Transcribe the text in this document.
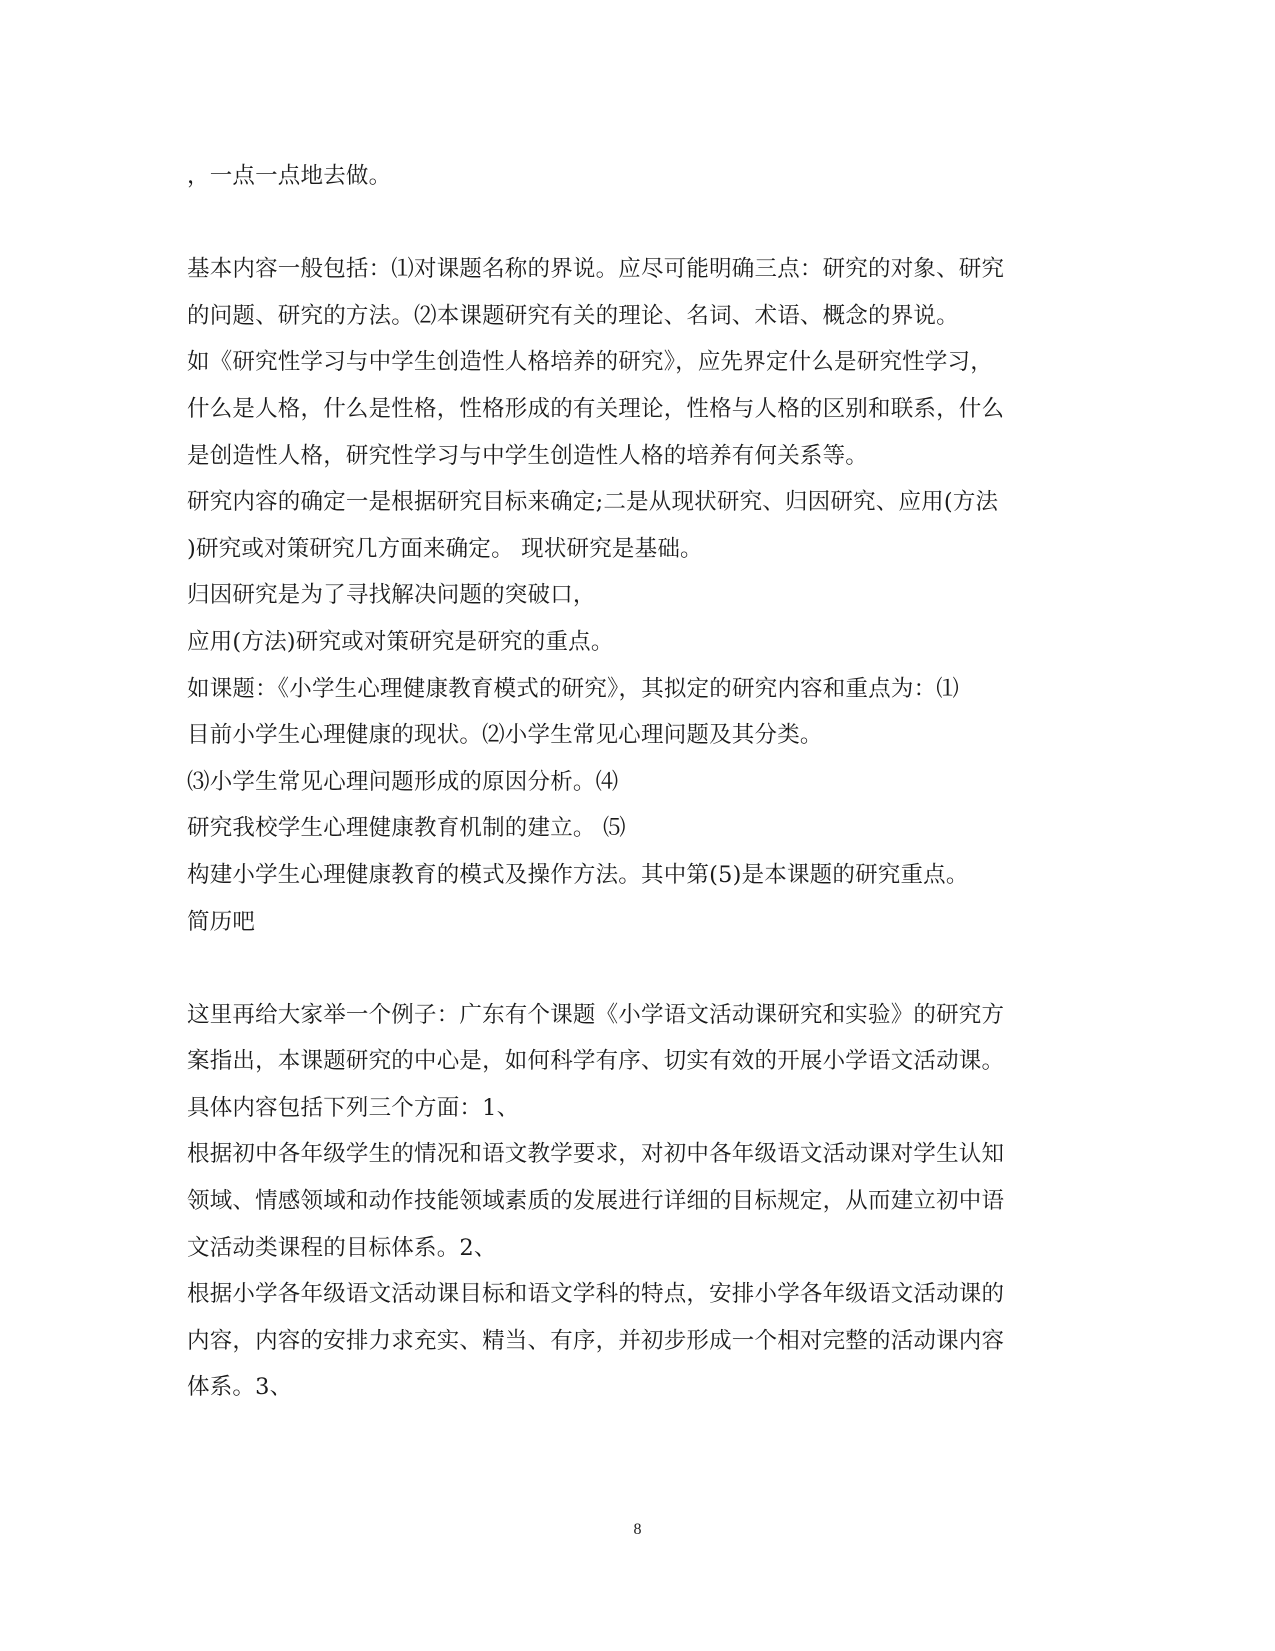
，一点一点地去做。
基本内容一般包括：⑴对课题名称的界说。应尽可能明确三点：研究的对象、研究
的问题、研究的方法。⑵本课题研究有关的理论、名词、术语、概念的界说。
如《研究性学习与中学生创造性人格培养的研究》，应先界定什么是研究性学习，
什么是人格，什么是性格，性格形成的有关理论，性格与人格的区别和联系，什么
是创造性人格，研究性学习与中学生创造性人格的培养有何关系等。
研究内容的确定一是根据研究目标来确定;二是从现状研究、归因研究、应用(方法
)研究或对策研究几方面来确定。 现状研究是基础。
归因研究是为了寻找解决问题的突破口，
应用(方法)研究或对策研究是研究的重点。
如课题：《小学生心理健康教育模式的研究》，其拟定的研究内容和重点为：⑴
目前小学生心理健康的现状。⑵小学生常见心理问题及其分类。
⑶小学生常见心理问题形成的原因分析。⑷
研究我校学生心理健康教育机制的建立。 ⑸
构建小学生心理健康教育的模式及操作方法。其中第(5)是本课题的研究重点。
简历吧
这里再给大家举一个例子：广东有个课题《小学语文活动课研究和实验》的研究方
案指出，本课题研究的中心是，如何科学有序、切实有效的开展小学语文活动课。
具体内容包括下列三个方面：1、
根据初中各年级学生的情况和语文教学要求，对初中各年级语文活动课对学生认知
领域、情感领域和动作技能领域素质的发展进行详细的目标规定，从而建立初中语
文活动类课程的目标体系。2、
根据小学各年级语文活动课目标和语文学科的特点，安排小学各年级语文活动课的
内容，内容的安排力求充实、精当、有序，并初步形成一个相对完整的活动课内容
体系。3、
8
